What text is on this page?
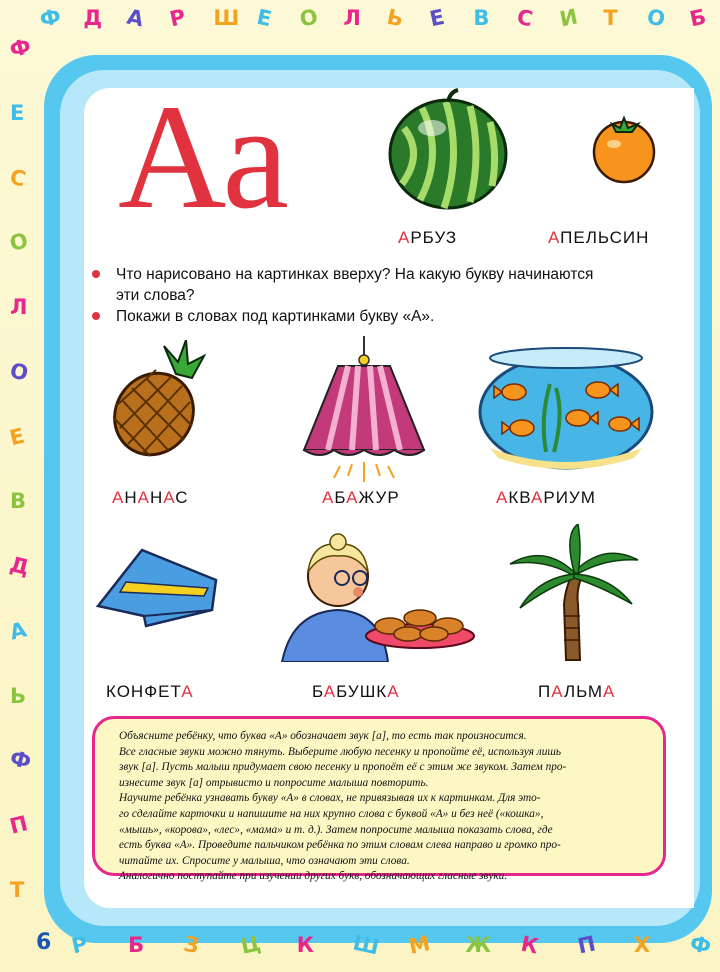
6
Аа	АРБУЗ	АПЕЛЬСИН

Что нарисовано на картинках вверху? На какую букву начинаются

эти слова?

Покажи в словах под картинками букву «А».

АНАНАС	АБАЖУР	АКВАРИУМ
КОНФЕТА	БАБУШКА	ПАЛЬМА

Объясните ребёнку, что буква «А» обозначает звук [а], то есть так произносится.

Все гласные звуки можно тянуть. Выберите любую песенку и пропойте её, используя лишь

звук [а]. Пусть малыш придумает свою песенку и пропоёт её с этим же звуком. Затем про-

изнесите звук [а] отрывисто и попросите малыша повторить.

Научите ребёнка узнавать букву «А» в словах, не привязывая их к картинкам. Для это-

го сделайте карточки и напишите на них крупно слова с буквой «А» и без неё («кошка»,

«мышь», «корова», «лес», «мама» и т. д.). Затем попросите малыша показать слова, где

есть буква «А». Проведите пальчиком ребёнка по этим словам слева направо и громко про-

читайте их. Спросите у малыша, что означают эти слова.

Аналогично поступайте при изучении других букв, обозначающих гласные звуки.

Ф Д А Р Ш Е О Л Ь Е В С И Т О Б
Ф
Е
С
О
Л
О
Е
В
Д
А
Ь
Ф
П
Т
Р Б З Ц К Ш М Ж К П Х Ф
